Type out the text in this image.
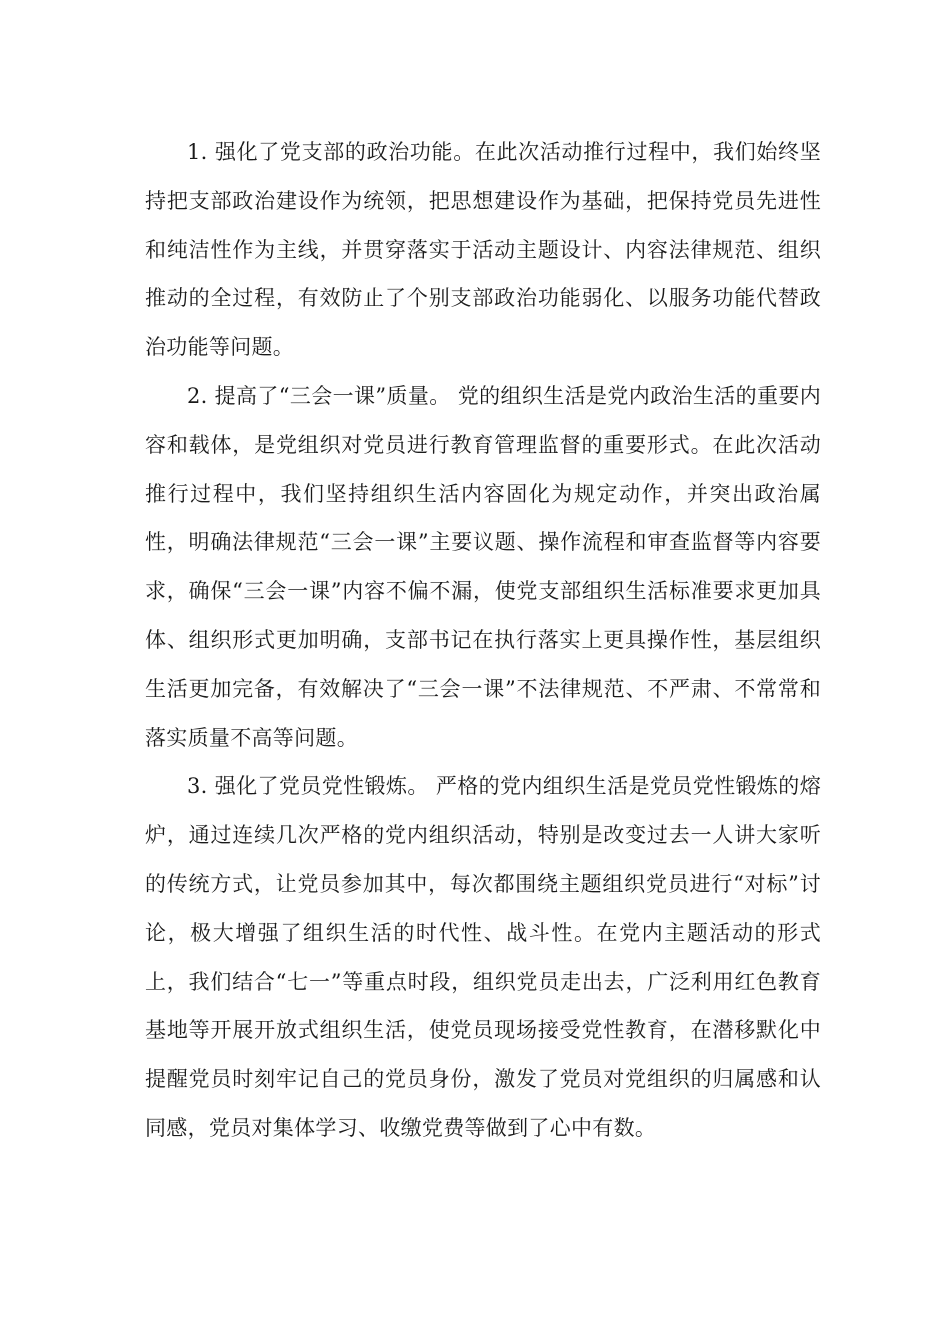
1. 强化了党支部的政治功能。在此次活动推行过程中，我们始终坚持把支部政治建设作为统领，把思想建设作为基础，把保持党员先进性和纯洁性作为主线，并贯穿落实于活动主题设计、内容法律规范、组织推动的全过程，有效防止了个别支部政治功能弱化、以服务功能代替政治功能等问题。

2. 提高了“三会一课”质量。 党的组织生活是党内政治生活的重要内容和载体，是党组织对党员进行教育管理监督的重要形式。在此次活动推行过程中，我们坚持组织生活内容固化为规定动作，并突出政治属性，明确法律规范“三会一课”主要议题、操作流程和审查监督等内容要求，确保“三会一课”内容不偏不漏，使党支部组织生活标准要求更加具体、组织形式更加明确，支部书记在执行落实上更具操作性，基层组织生活更加完备，有效解决了“三会一课”不法律规范、不严肃、不常常和落实质量不高等问题。

3. 强化了党员党性锻炼。 严格的党内组织生活是党员党性锻炼的熔炉，通过连续几次严格的党内组织活动，特别是改变过去一人讲大家听的传统方式，让党员参加其中，每次都围绕主题组织党员进行“对标”讨论，极大增强了组织生活的时代性、战斗性。在党内主题活动的形式上，我们结合“七一”等重点时段，组织党员走出去，广泛利用红色教育基地等开展开放式组织生活，使党员现场接受党性教育，在潜移默化中提醒党员时刻牢记自己的党员身份，激发了党员对党组织的归属感和认同感，党员对集体学习、收缴党费等做到了心中有数。
